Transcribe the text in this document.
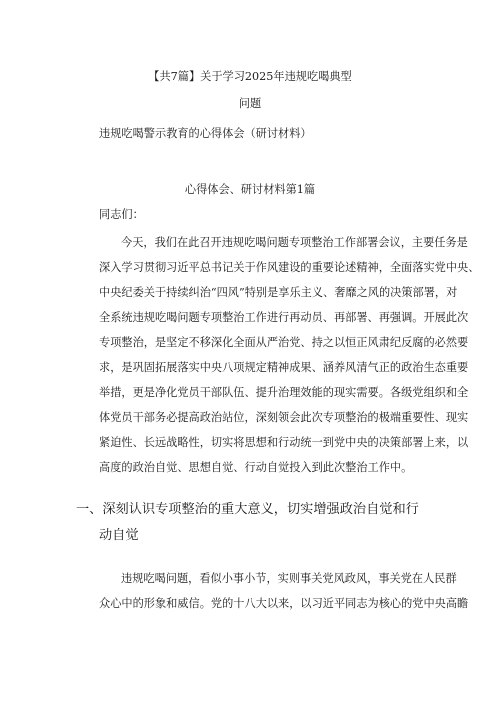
【共7篇】关于学习2025年违规吃喝典型
问题
违规吃喝警示教育的心得体会（研讨材料）
心得体会、研讨材料第1篇
同志们：
今天，我们在此召开违规吃喝问题专项整治工作部署会议，主要任务是
深入学习贯彻习近平总书记关于作风建设的重要论述精神，全面落实党中央、
中央纪委关于持续纠治“四风”特别是享乐主义、奢靡之风的决策部署，对
全系统违规吃喝问题专项整治工作进行再动员、再部署、再强调。开展此次
专项整治，是坚定不移深化全面从严治党、持之以恒正风肃纪反腐的必然要
求，是巩固拓展落实中央八项规定精神成果、涵养风清气正的政治生态重要
举措，更是净化党员干部队伍、提升治理效能的现实需要。各级党组织和全
体党员干部务必提高政治站位，深刻领会此次专项整治的极端重要性、现实
紧迫性、长远战略性，切实将思想和行动统一到党中央的决策部署上来，以
高度的政治自觉、思想自觉、行动自觉投入到此次整治工作中。
一、深刻认识专项整治的重大意义，切实增强政治自觉和行
动自觉
违规吃喝问题，看似小事小节，实则事关党风政风，事关党在人民群
众心中的形象和威信。党的十八大以来，以习近平同志为核心的党中央高瞻
